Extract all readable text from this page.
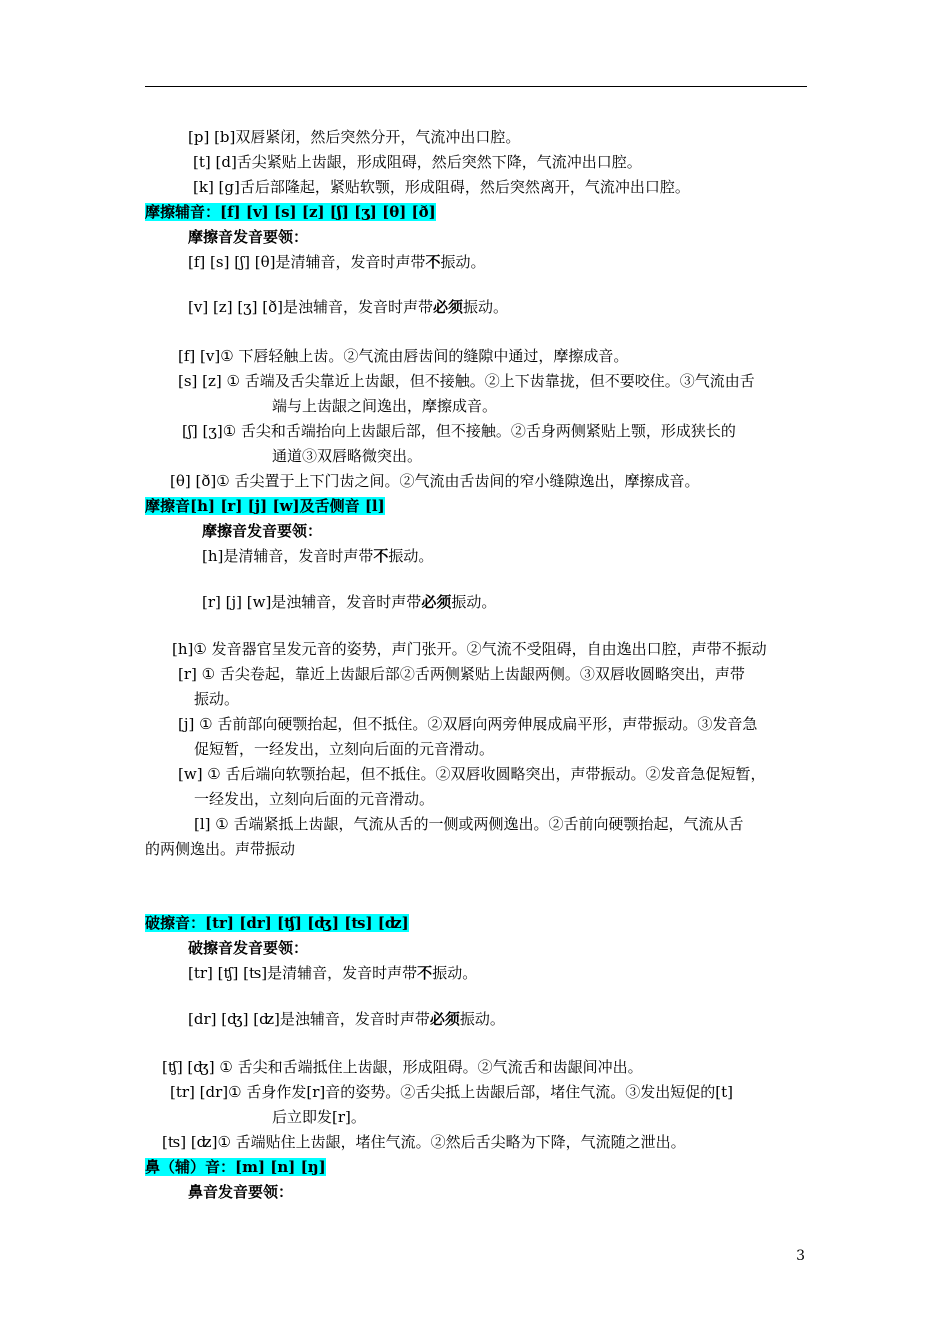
[p] [b]双唇紧闭，然后突然分开，气流冲出口腔。
[t] [d]舌尖紧贴上齿龈，形成阻碍，然后突然下降，气流冲出口腔。
[k] [g]舌后部隆起，紧贴软颚，形成阻碍，然后突然离开，气流冲出口腔。
摩擦辅音：[f] [v] [s] [z] [ʃ] [ʒ] [θ] [ð]
摩擦音发音要领：
[f] [s] [ʃ] [θ]是清辅音，发音时声带不振动。
[v] [z] [ʒ] [ð]是浊辅音，发音时声带必须振动。
[f] [v]① 下唇轻触上齿。②气流由唇齿间的缝隙中通过，摩擦成音。
[s] [z] ① 舌端及舌尖靠近上齿龈，但不接触。②上下齿靠拢，但不要咬住。③气流由舌
端与上齿龈之间逸出，摩擦成音。
[ʃ] [ʒ]① 舌尖和舌端抬向上齿龈后部，但不接触。②舌身两侧紧贴上颚，形成狭长的
通道③双唇略微突出。
[θ] [ð]① 舌尖置于上下门齿之间。②气流由舌齿间的窄小缝隙逸出，摩擦成音。
摩擦音[h] [r] [j] [w]及舌侧音 [l]
摩擦音发音要领：
[h]是清辅音，发音时声带不振动。
[r] [j] [w]是浊辅音，发音时声带必须振动。
[h]① 发音器官呈发元音的姿势，声门张开。②气流不受阻碍，自由逸出口腔，声带不振动
[r] ① 舌尖卷起，靠近上齿龈后部②舌两侧紧贴上齿龈两侧。③双唇收圆略突出，声带
振动。
[j] ① 舌前部向硬颚抬起，但不抵住。②双唇向两旁伸展成扁平形，声带振动。③发音急
促短暂，一经发出，立刻向后面的元音滑动。
[w] ① 舌后端向软颚抬起，但不抵住。②双唇收圆略突出，声带振动。②发音急促短暂，
一经发出，立刻向后面的元音滑动。
[l] ① 舌端紧抵上齿龈，气流从舌的一侧或两侧逸出。②舌前向硬颚抬起，气流从舌
的两侧逸出。声带振动
破擦音：[tr] [dr] [ʧ] [ʤ] [ʦ] [ʣ]
破擦音发音要领：
[tr] [ʧ] [ʦ]是清辅音，发音时声带不振动。
[dr] [ʤ] [ʣ]是浊辅音，发音时声带必须振动。
[ʧ] [ʤ] ① 舌尖和舌端抵住上齿龈，形成阻碍。②气流舌和齿龈间冲出。
[tr] [dr]① 舌身作发[r]音的姿势。②舌尖抵上齿龈后部，堵住气流。③发出短促的[t]
后立即发[r]。
[ʦ] [ʣ]① 舌端贴住上齿龈，堵住气流。②然后舌尖略为下降，气流随之泄出。
鼻（辅）音：[m] [n] [ŋ]
鼻音发音要领：
3
